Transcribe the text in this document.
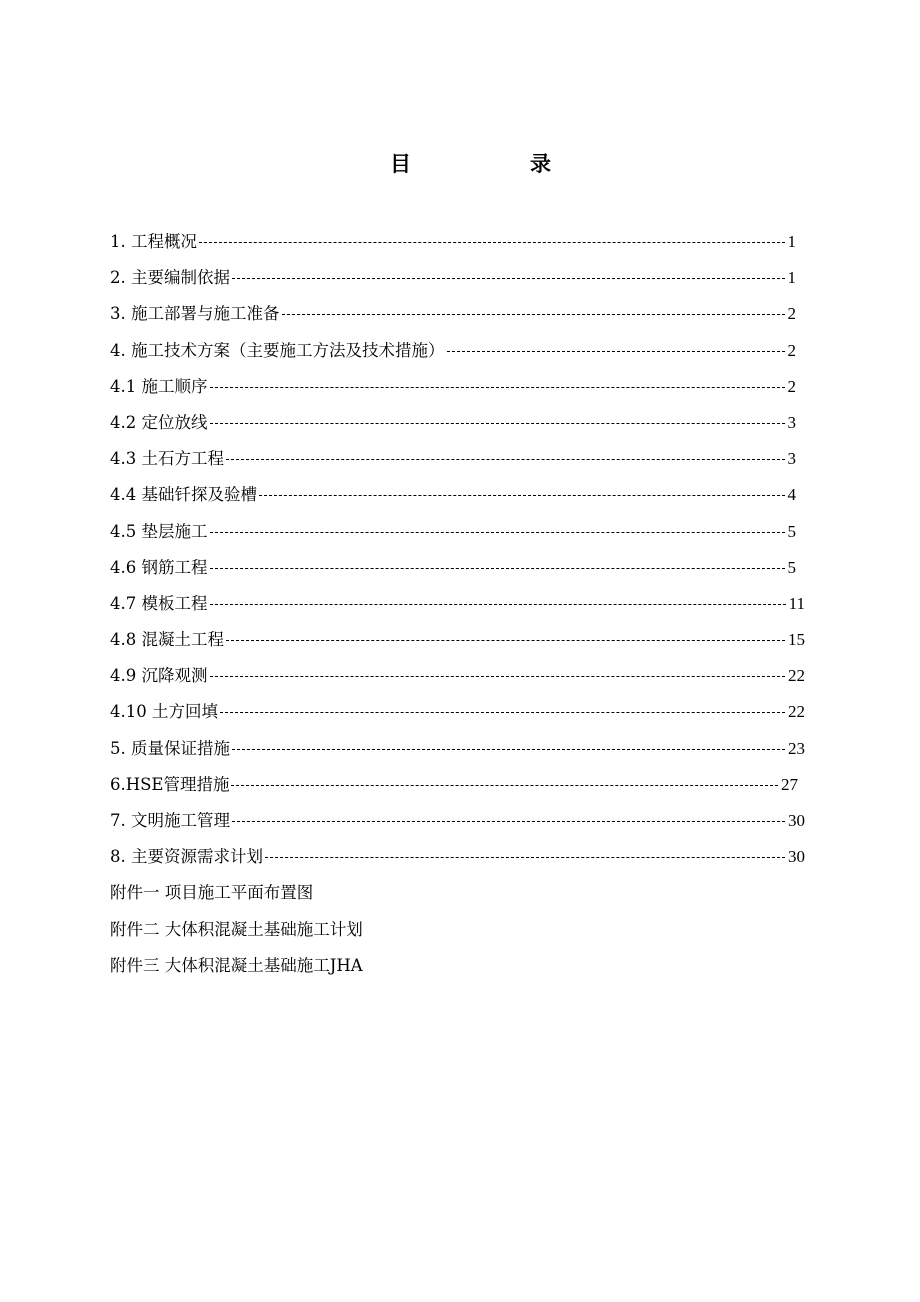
目	录
1. 工程概况	1
2. 主要编制依据	1
3. 施工部署与施工准备	2
4. 施工技术方案（主要施工方法及技术措施）	2
4.1 施工顺序	2
4.2 定位放线	3
4.3 土石方工程	3
4.4 基础钎探及验槽	4
4.5 垫层施工	5
4.6 钢筋工程	5
4.7 模板工程	11
4.8 混凝土工程	15
4.9 沉降观测	22
4.10 土方回填	22
5. 质量保证措施	23
6.HSE管理措施	27
7. 文明施工管理	30
8. 主要资源需求计划	30
附件一 项目施工平面布置图
附件二 大体积混凝土基础施工计划
附件三 大体积混凝土基础施工JHA
